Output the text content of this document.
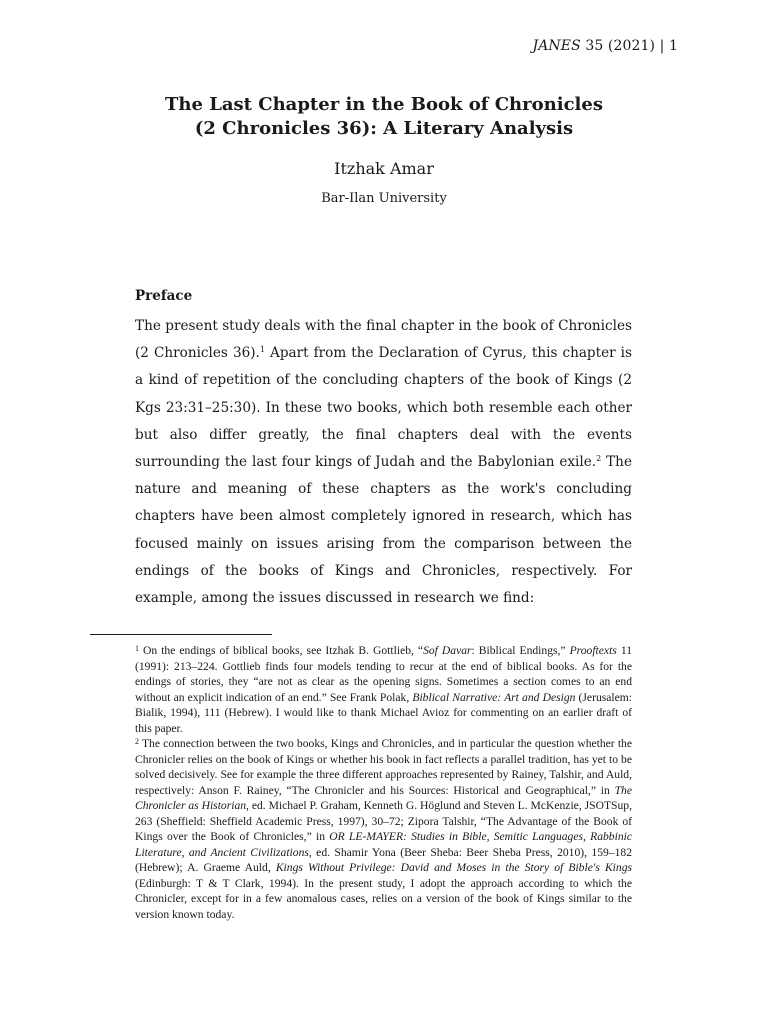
JANES 35 (2021) | 1
The Last Chapter in the Book of Chronicles
(2 Chronicles 36): A Literary Analysis
Itzhak Amar
Bar-Ilan University
Preface

The present study deals with the final chapter in the book of Chronicles (2 Chronicles 36).$^1$ Apart from the Declaration of Cyrus, this chapter is a kind of repetition of the concluding chapters of the book of Kings (2 Kgs 23:31–25:30). In these two books, which both resemble each other but also differ greatly, the final chapters deal with the events surrounding the last four kings of Judah and the Babylonian exile.$^2$ The nature and meaning of these chapters as the work's concluding chapters have been almost completely ignored in research, which has focused mainly on issues arising from the comparison between the endings of the books of Kings and Chronicles, respectively. For example, among the issues discussed in research we find:

$^1$ On the endings of biblical books, see Itzhak B. Gottlieb, “Sof Davar: Biblical Endings,” Prooftexts 11 (1991): 213–224. Gottlieb finds four models tending to recur at the end of biblical books. As for the endings of stories, they “are not as clear as the opening signs. Sometimes a section comes to an end without an explicit indication of an end.” See Frank Polak, Biblical Narrative: Art and Design (Jerusalem: Bialik, 1994), 111 (Hebrew). I would like to thank Michael Avioz for commenting on an earlier draft of this paper.

$^2$ The connection between the two books, Kings and Chronicles, and in particular the question whether the Chronicler relies on the book of Kings or whether his book in fact reflects a parallel tradition, has yet to be solved decisively. See for example the three different approaches represented by Rainey, Talshir, and Auld, respectively: Anson F. Rainey, “The Chronicler and his Sources: Historical and Geographical,” in The Chronicler as Historian, ed. Michael P. Graham, Kenneth G. Höglund and Steven L. McKenzie, JSOTSup, 263 (Sheffield: Sheffield Academic Press, 1997), 30–72; Zipora Talshir, “The Advantage of the Book of Kings over the Book of Chronicles,” in OR LE-MAYER: Studies in Bible, Semitic Languages, Rabbinic Literature, and Ancient Civilizations, ed. Shamir Yona (Beer Sheba: Beer Sheba Press, 2010), 159–182 (Hebrew); A. Graeme Auld, Kings Without Privilege: David and Moses in the Story of Bible's Kings (Edinburgh: T & T Clark, 1994). In the present study, I adopt the approach according to which the Chronicler, except for in a few anomalous cases, relies on a version of the book of Kings similar to the version known today.
